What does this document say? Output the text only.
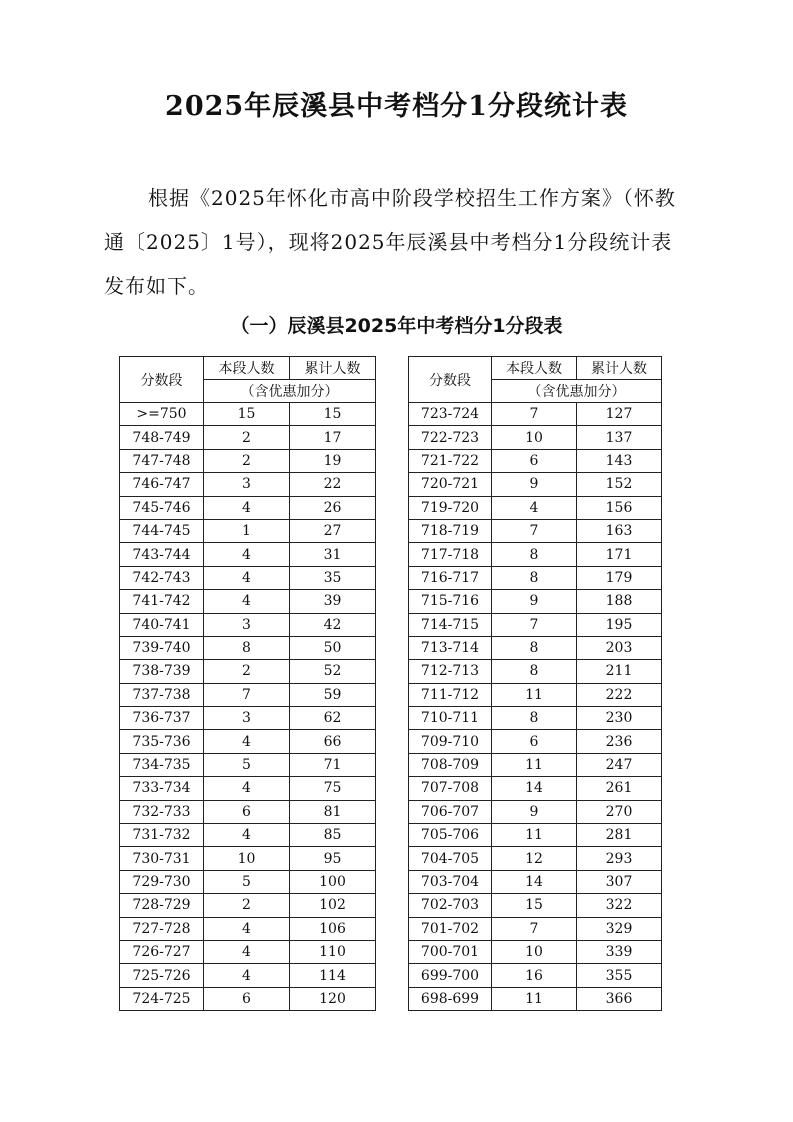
2025年辰溪县中考档分1分段统计表
根据《2025年怀化市高中阶段学校招生工作方案》（怀教通〔2025〕1号），现将2025年辰溪县中考档分1分段统计表发布如下。
（一）辰溪县2025年中考档分1分段表
分数段	本段人数	累计人数
	（含优惠加分）	
>=750	15	15
748-749	2	17
747-748	2	19
746-747	3	22
745-746	4	26
744-745	1	27
743-744	4	31
742-743	4	35
741-742	4	39
740-741	3	42
739-740	8	50
738-739	2	52
737-738	7	59
736-737	3	62
735-736	4	66
734-735	5	71
733-734	4	75
732-733	6	81
731-732	4	85
730-731	10	95
729-730	5	100
728-729	2	102
727-728	4	106
726-727	4	110
725-726	4	114
724-725	6	120
分数段	本段人数	累计人数
	（含优惠加分）	
723-724	7	127
722-723	10	137
721-722	6	143
720-721	9	152
719-720	4	156
718-719	7	163
717-718	8	171
716-717	8	179
715-716	9	188
714-715	7	195
713-714	8	203
712-713	8	211
711-712	11	222
710-711	8	230
709-710	6	236
708-709	11	247
707-708	14	261
706-707	9	270
705-706	11	281
704-705	12	293
703-704	14	307
702-703	15	322
701-702	7	329
700-701	10	339
699-700	16	355
698-699	11	366
